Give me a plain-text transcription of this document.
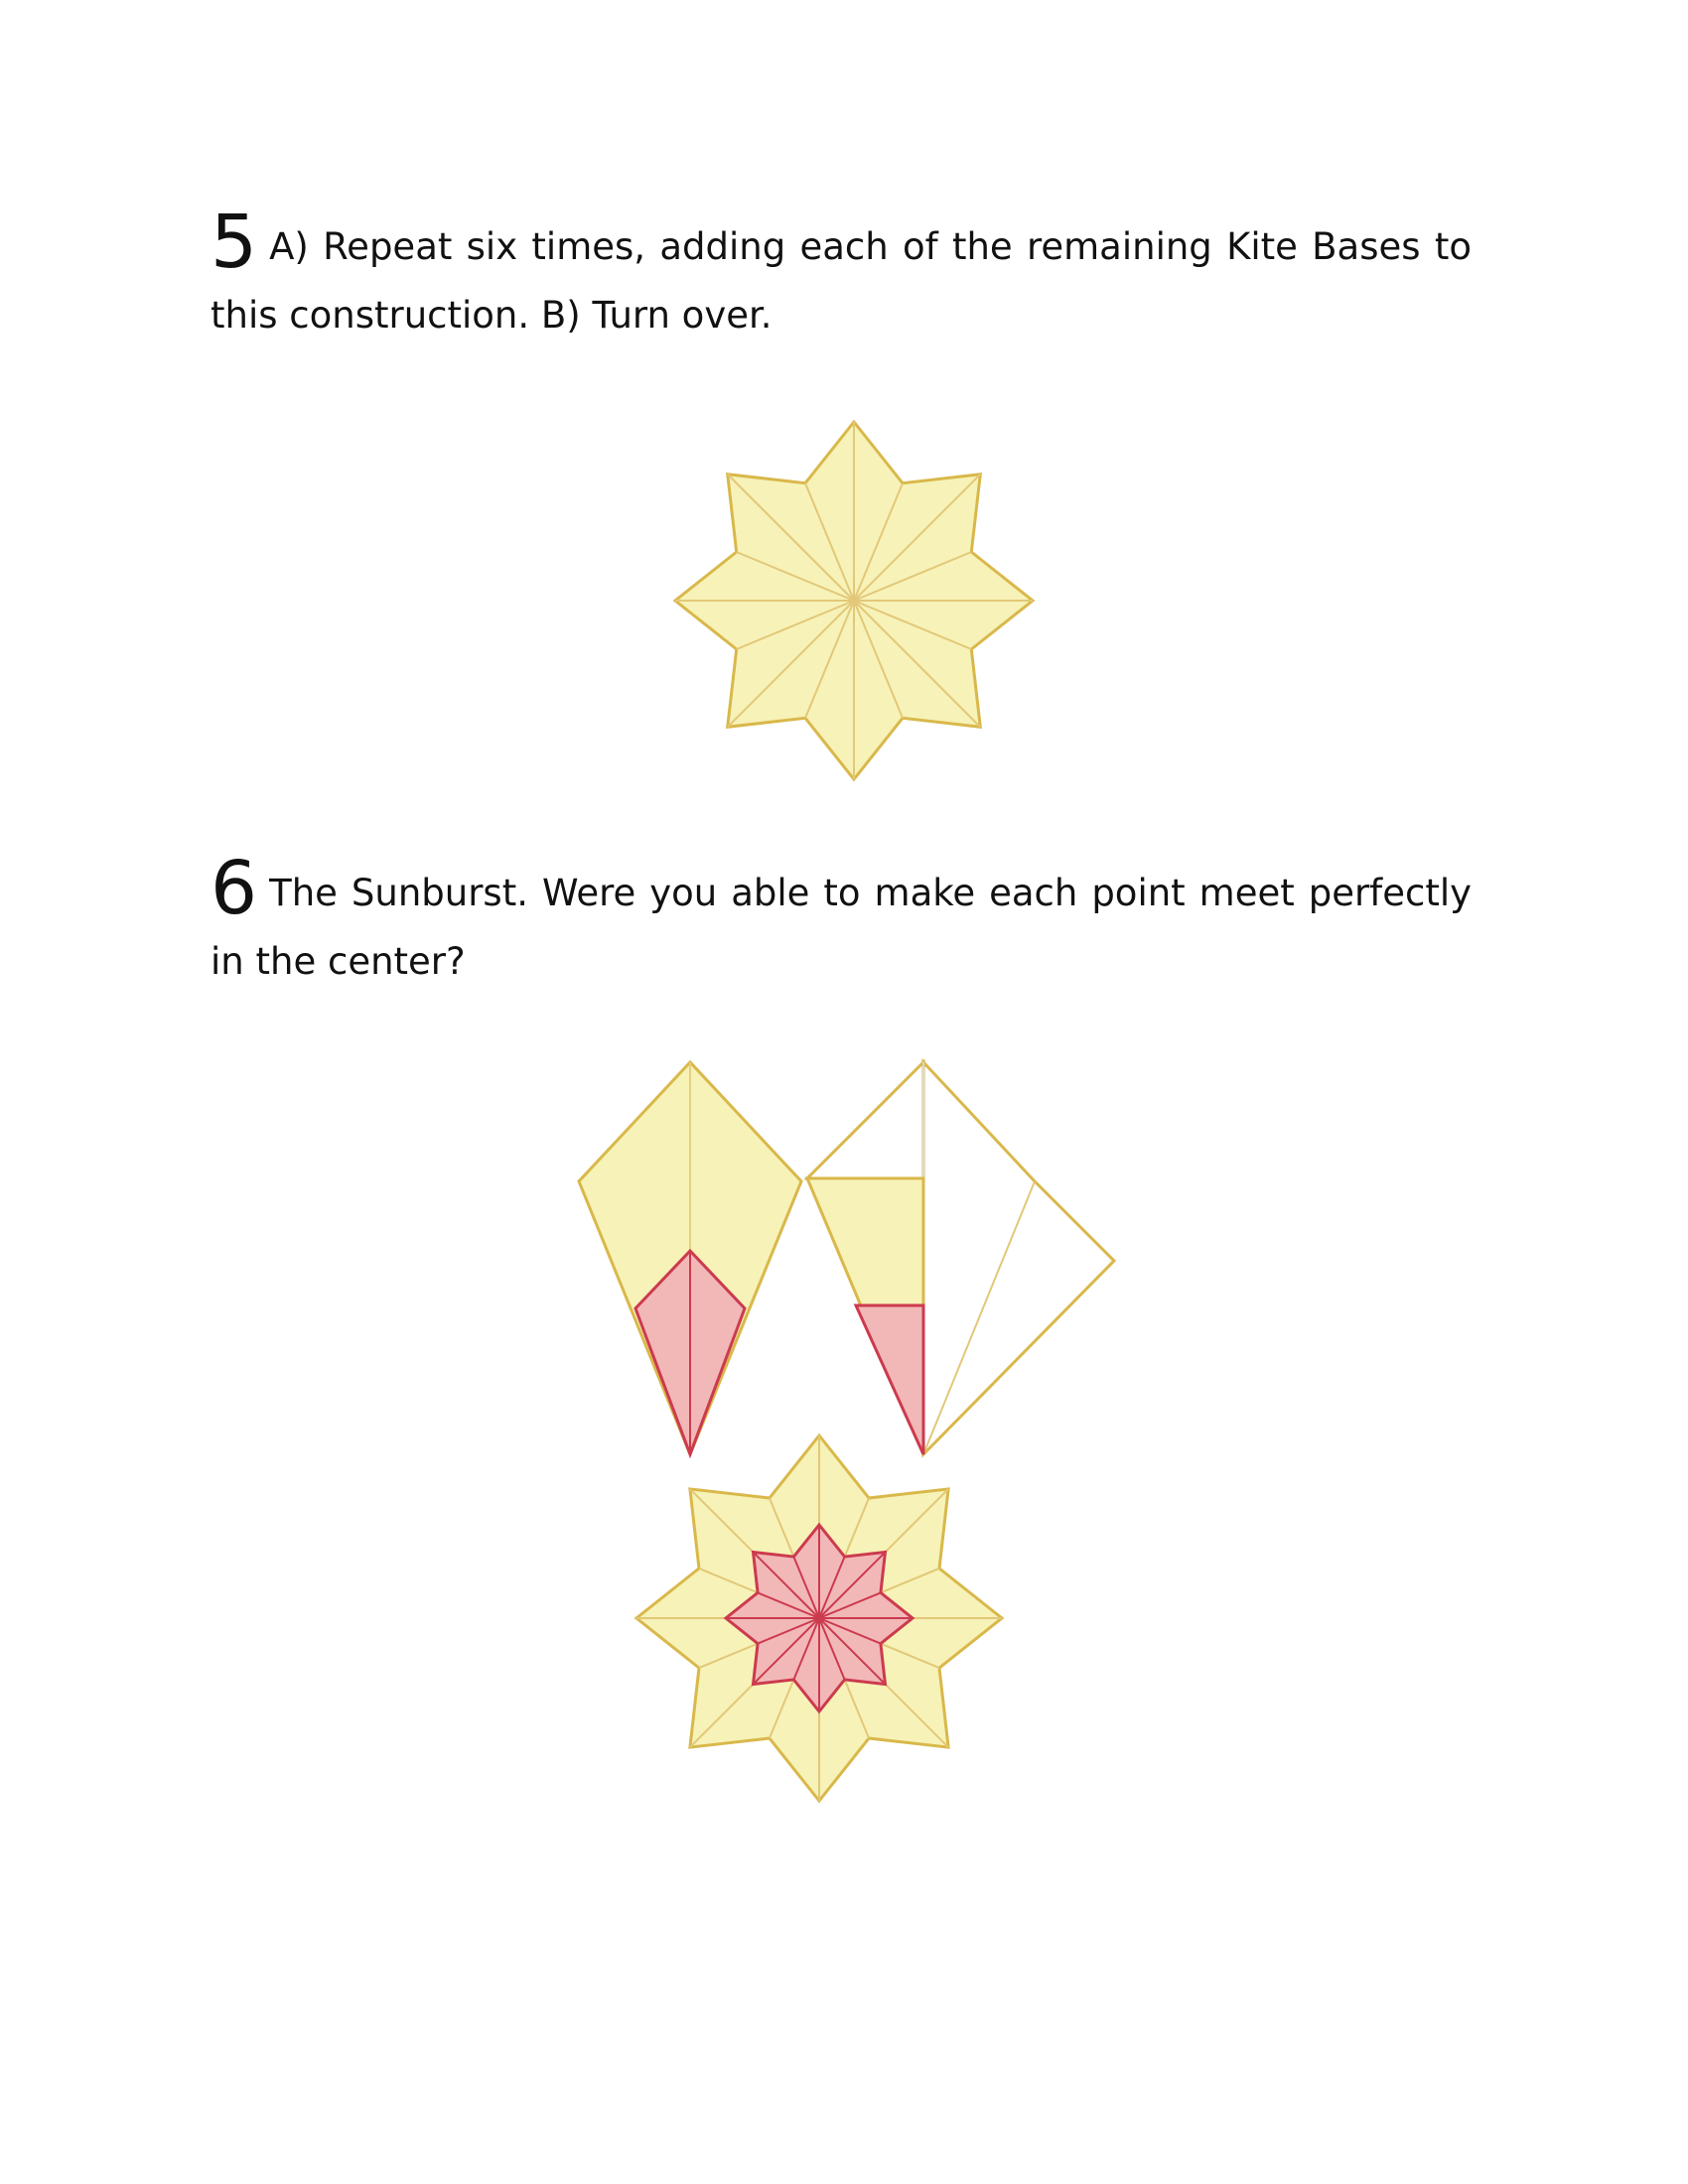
5 A) Repeat six times, adding each of the remaining Kite Bases to this construction. B) Turn over.

6 The Sunburst. Were you able to make each point meet perfectly in the center?
